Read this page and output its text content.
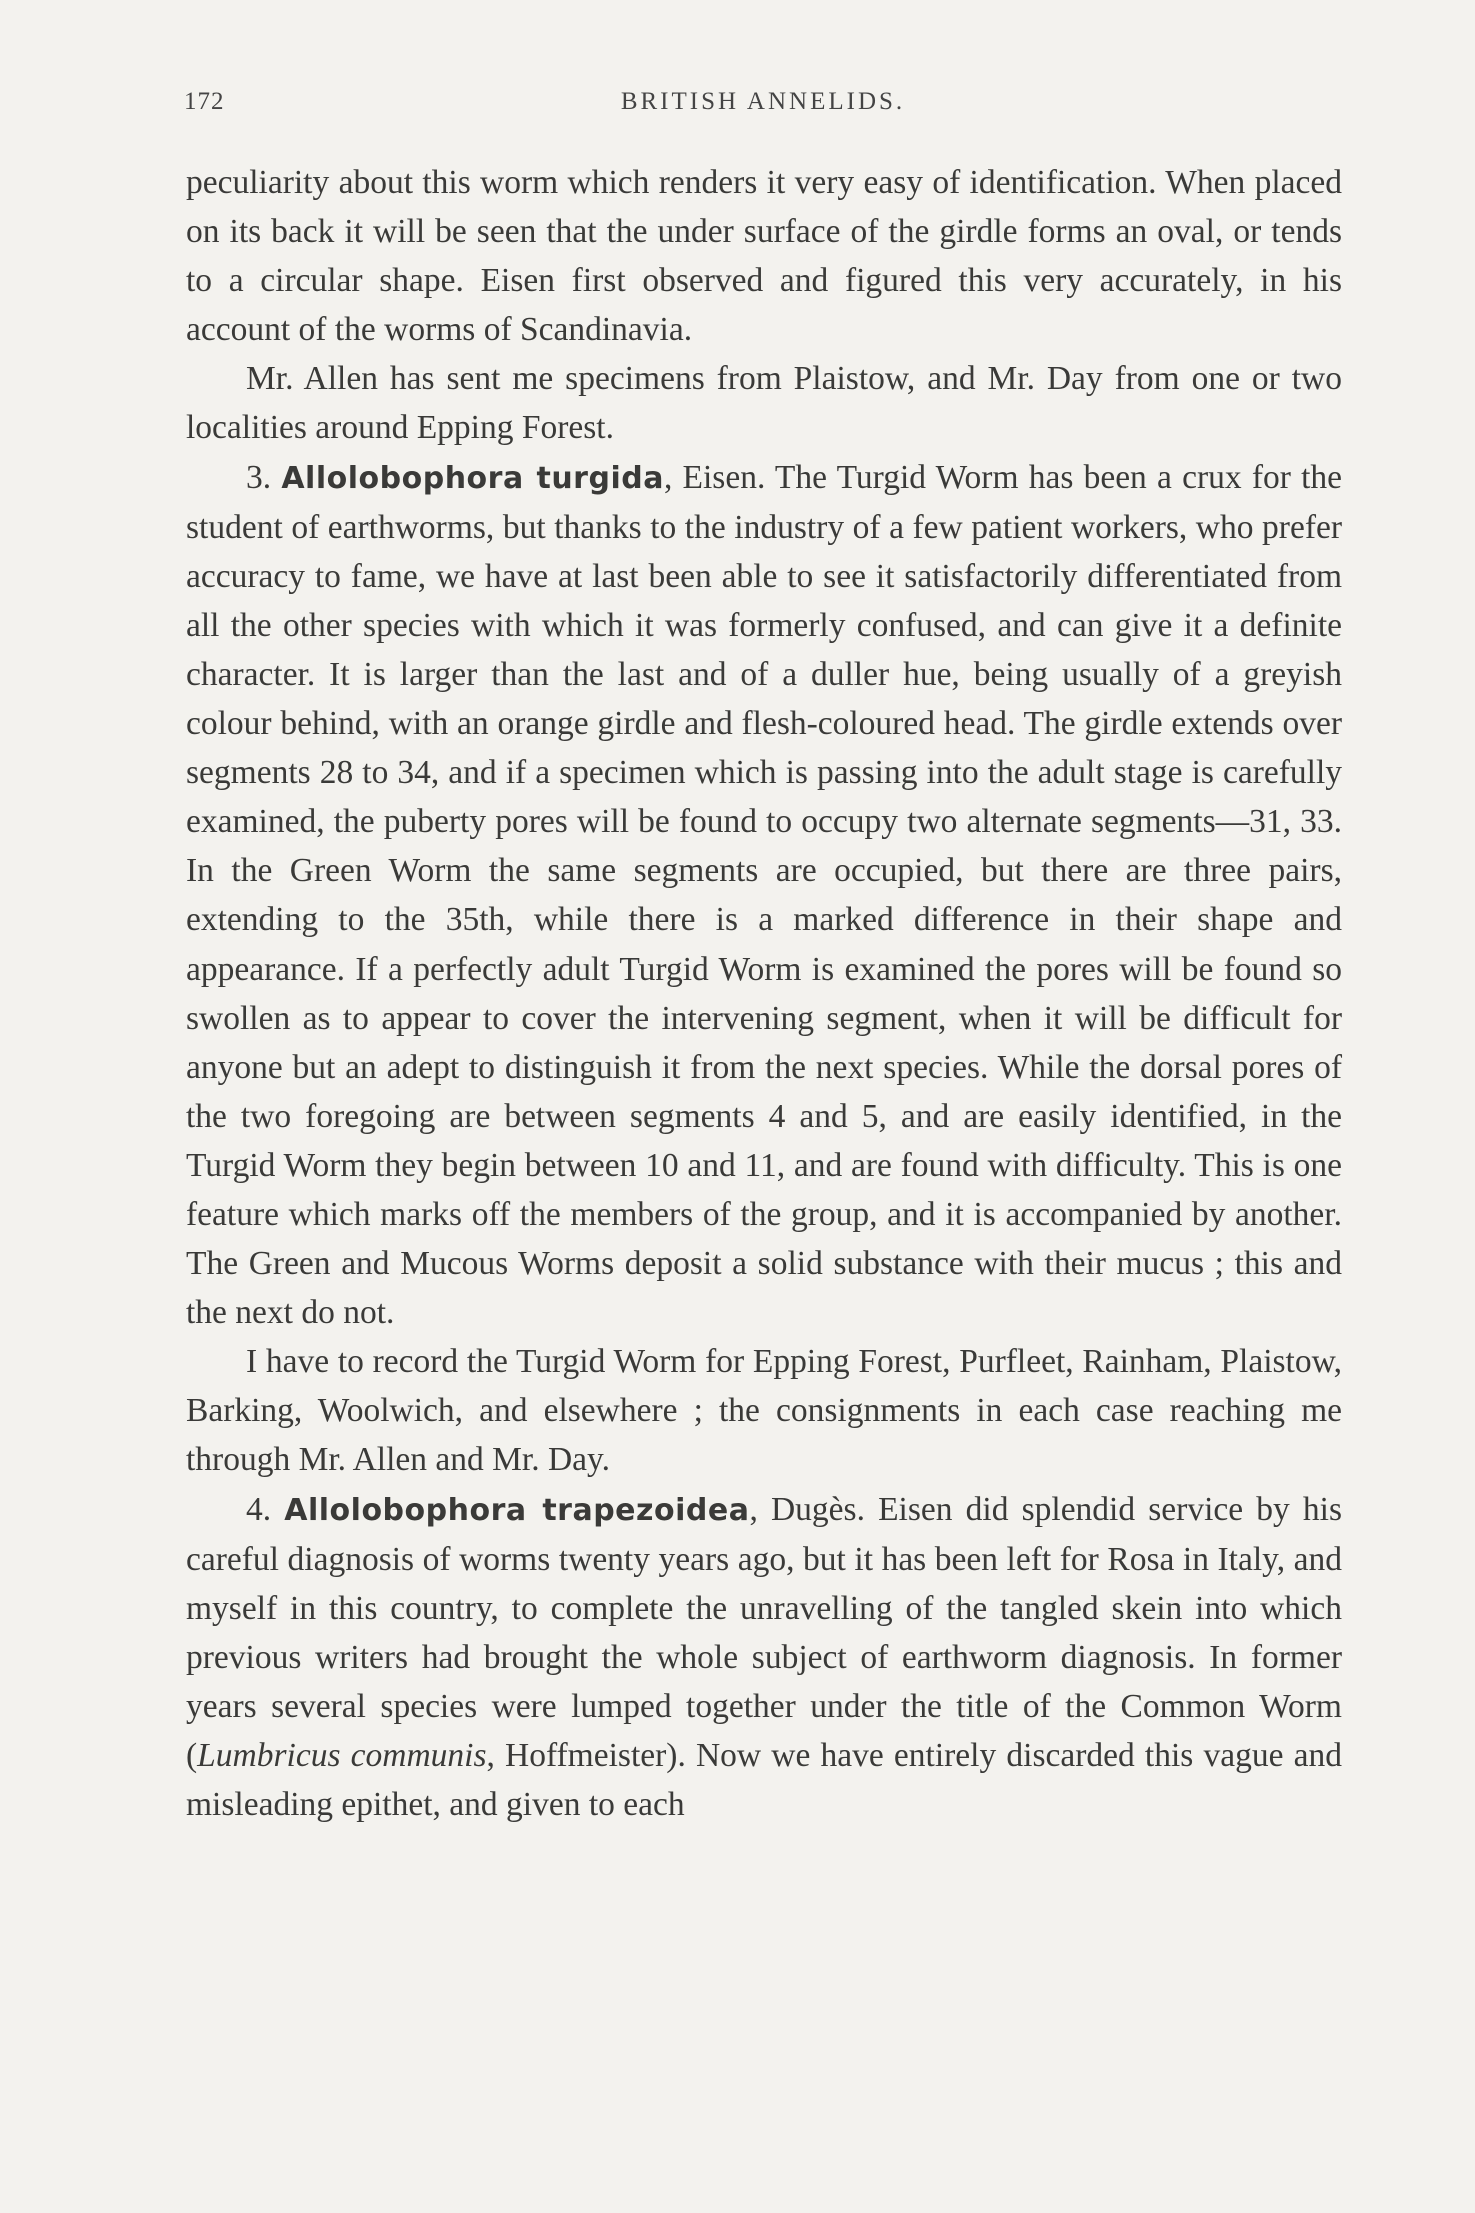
172	BRITISH ANNELIDS.

peculiarity about this worm which renders it very easy of identification. When placed on its back it will be seen that the under surface of the girdle forms an oval, or tends to a circular shape. Eisen first observed and figured this very accurately, in his account of the worms of Scandinavia.

Mr. Allen has sent me specimens from Plaistow, and Mr. Day from one or two localities around Epping Forest.

3. Allolobophora turgida, Eisen. The Turgid Worm has been a crux for the student of earthworms, but thanks to the industry of a few patient workers, who prefer accuracy to fame, we have at last been able to see it satisfactorily differentiated from all the other species with which it was formerly confused, and can give it a definite character. It is larger than the last and of a duller hue, being usually of a greyish colour behind, with an orange girdle and flesh-coloured head. The girdle extends over segments 28 to 34, and if a specimen which is passing into the adult stage is carefully examined, the puberty pores will be found to occupy two alternate segments—31, 33. In the Green Worm the same segments are occupied, but there are three pairs, extending to the 35th, while there is a marked difference in their shape and appearance. If a perfectly adult Turgid Worm is examined the pores will be found so swollen as to appear to cover the intervening segment, when it will be difficult for anyone but an adept to distinguish it from the next species. While the dorsal pores of the two foregoing are between segments 4 and 5, and are easily identified, in the Turgid Worm they begin between 10 and 11, and are found with difficulty. This is one feature which marks off the members of the group, and it is accompanied by another. The Green and Mucous Worms deposit a solid substance with their mucus ; this and the next do not.

I have to record the Turgid Worm for Epping Forest, Purfleet, Rainham, Plaistow, Barking, Woolwich, and elsewhere ; the consignments in each case reaching me through Mr. Allen and Mr. Day.

4. Allolobophora trapezoidea, Dugès. Eisen did splendid service by his careful diagnosis of worms twenty years ago, but it has been left for Rosa in Italy, and myself in this country, to complete the unravelling of the tangled skein into which previous writers had brought the whole subject of earthworm diagnosis. In former years several species were lumped together under the title of the Common Worm (Lumbricus communis, Hoffmeister). Now we have entirely discarded this vague and misleading epithet, and given to each
